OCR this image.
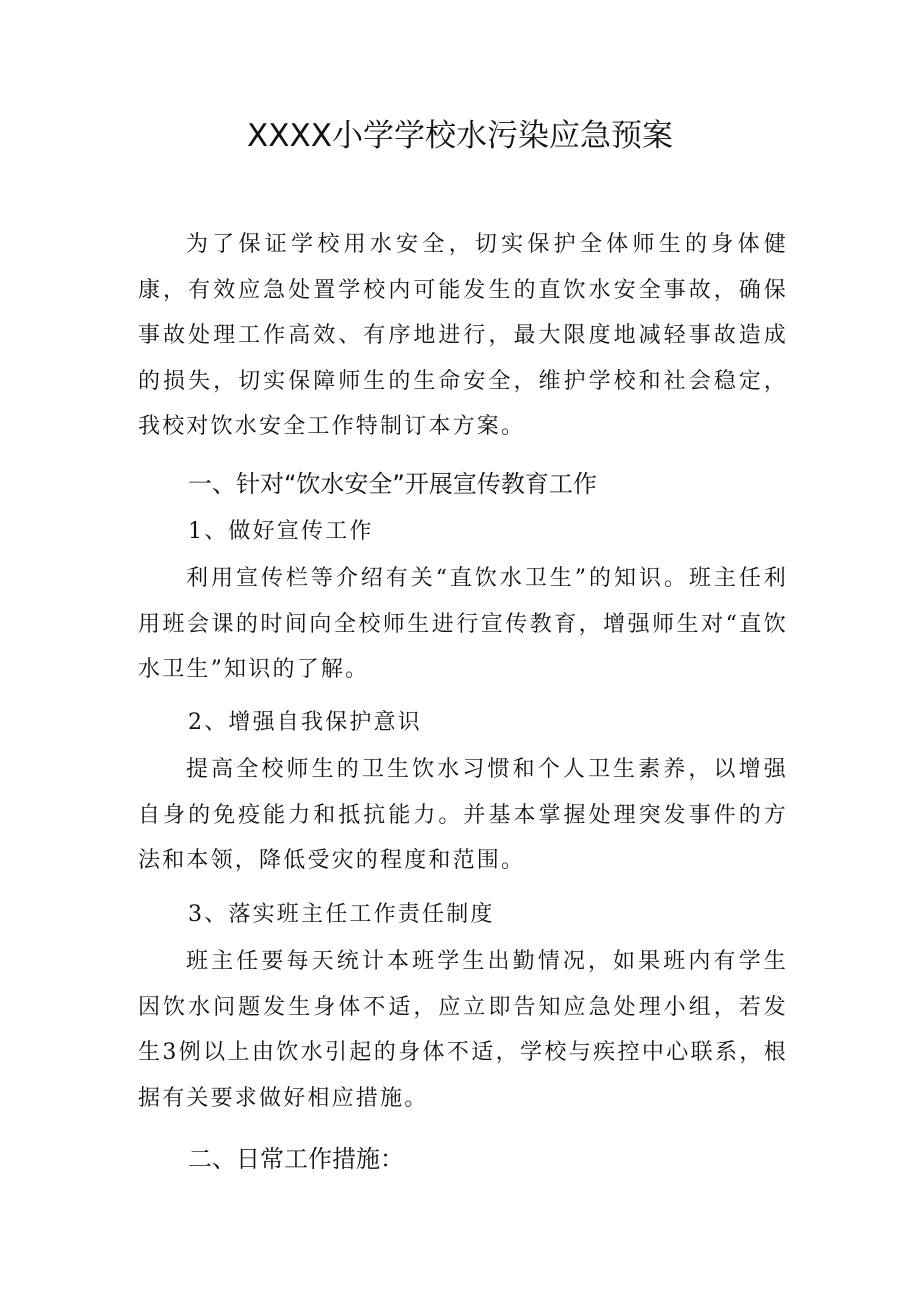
XXXX小学学校水污染应急预案

为了保证学校用水安全，切实保护全体师生的身体健康，有效应急处置学校内可能发生的直饮水安全事故，确保事故处理工作高效、有序地进行，最大限度地减轻事故造成的损失，切实保障师生的生命安全，维护学校和社会稳定，我校对饮水安全工作特制订本方案。

一、针对“饮水安全”开展宣传教育工作
1、做好宣传工作

利用宣传栏等介绍有关“直饮水卫生”的知识。班主任利用班会课的时间向全校师生进行宣传教育，增强师生对“直饮水卫生”知识的了解。

2、增强自我保护意识

提高全校师生的卫生饮水习惯和个人卫生素养，以增强自身的免疫能力和抵抗能力。并基本掌握处理突发事件的方法和本领，降低受灾的程度和范围。

3、落实班主任工作责任制度

班主任要每天统计本班学生出勤情况，如果班内有学生因饮水问题发生身体不适，应立即告知应急处理小组，若发生3例以上由饮水引起的身体不适，学校与疾控中心联系，根据有关要求做好相应措施。

二、日常工作措施：
